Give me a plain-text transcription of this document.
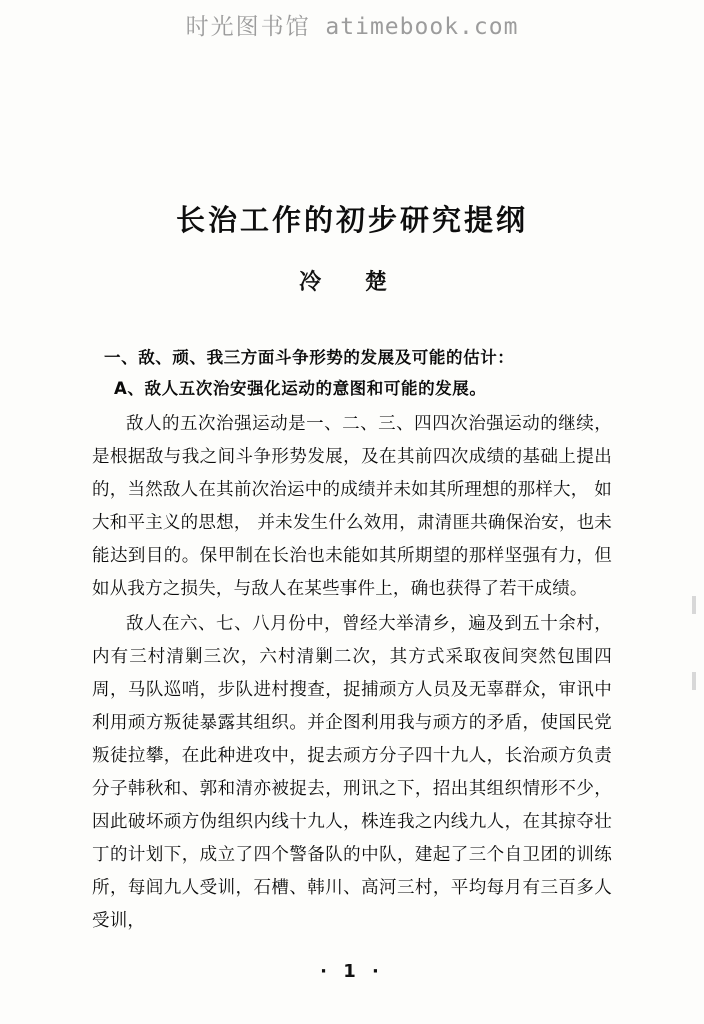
时光图书馆 atimebook.com
长治工作的初步研究提纲
冷 楚
一、敌、顽、我三方面斗争形势的发展及可能的估计：
A、敌人五次治安强化运动的意图和可能的发展。
敌人的五次治强运动是一、二、三、四四次治强运动的继续，是根据敌与我之间斗争形势发展，及在其前四次成绩的基础上提出的，当然敌人在其前次治运中的成绩并未如其所理想的那样大， 如大和平主义的思想， 并未发生什么效用，肃清匪共确保治安，也未能达到目的。保甲制在长治也未能如其所期望的那样坚强有力，但如从我方之损失，与敌人在某些事件上，确也获得了若干成绩。
敌人在六、七、八月份中，曾经大举清乡，遍及到五十余村，内有三村清剿三次，六村清剿二次，其方式采取夜间突然包围四周，马队巡哨，步队进村搜查，捉捕顽方人员及无辜群众，审讯中利用顽方叛徒暴露其组织。并企图利用我与顽方的矛盾，使国民党叛徒拉攀，在此种进攻中，捉去顽方分子四十九人，长治顽方负责分子韩秋和、郭和清亦被捉去，刑讯之下，招出其组织情形不少，因此破坏顽方伪组织内线十九人，株连我之内线九人，在其掠夺壮丁的计划下，成立了四个警备队的中队，建起了三个自卫团的训练所，每闾九人受训，石槽、韩川、高河三村，平均每月有三百多人受训，
· 1 ·
